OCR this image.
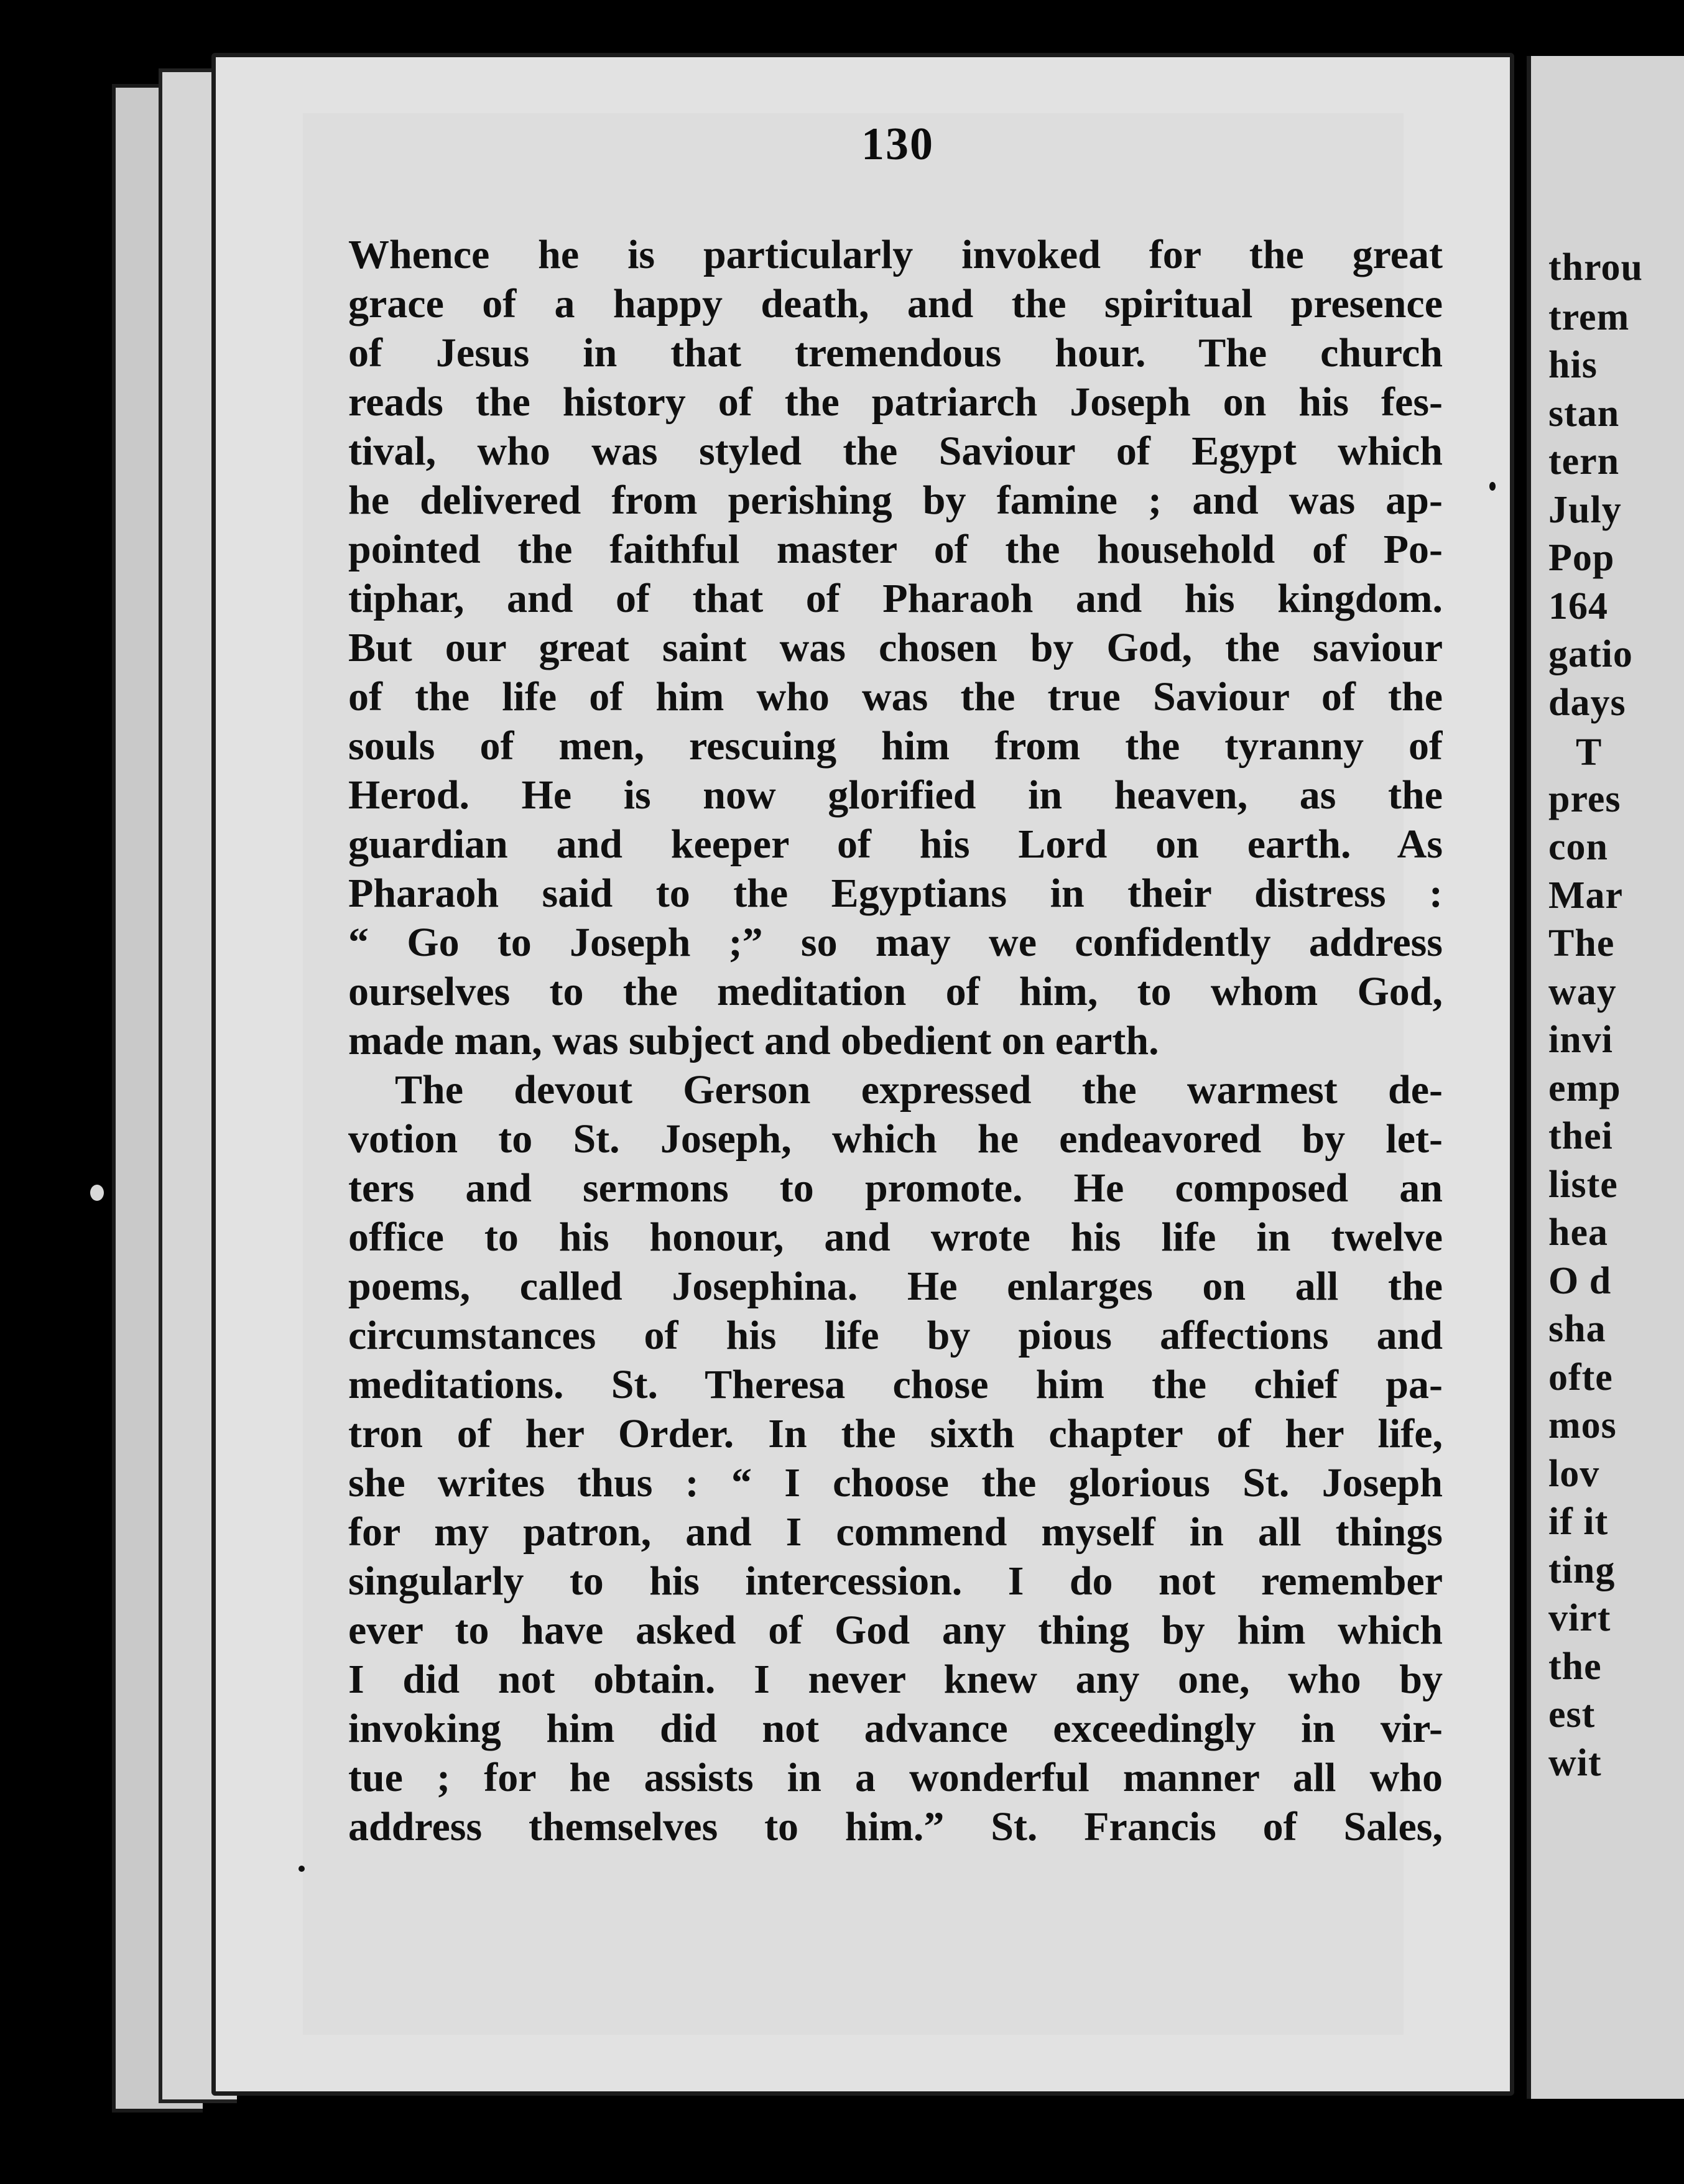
130
Whence he is particularly invoked for the great
grace of a happy death, and the spiritual presence
of Jesus in that tremendous hour. The church
reads the history of the patriarch Joseph on his fes-
tival, who was styled the Saviour of Egypt which
he delivered from perishing by famine ; and was ap-
pointed the faithful master of the household of Po-
tiphar, and of that of Pharaoh and his kingdom.
But our great saint was chosen by God, the saviour
of the life of him who was the true Saviour of the
souls of men, rescuing him from the tyranny of
Herod. He is now glorified in heaven, as the
guardian and keeper of his Lord on earth. As
Pharaoh said to the Egyptians in their distress :
“ Go to Joseph ;” so may we confidently address
ourselves to the meditation of him, to whom God,
made man, was subject and obedient on earth.
The devout Gerson expressed the warmest de-
votion to St. Joseph, which he endeavored by let-
ters and sermons to promote. He composed an
office to his honour, and wrote his life in twelve
poems, called Josephina. He enlarges on all the
circumstances of his life by pious affections and
meditations. St. Theresa chose him the chief pa-
tron of her Order. In the sixth chapter of her life,
she writes thus : “ I choose the glorious St. Joseph
for my patron, and I commend myself in all things
singularly to his intercession. I do not remember
ever to have asked of God any thing by him which
I did not obtain. I never knew any one, who by
invoking him did not advance exceedingly in vir-
tue ; for he assists in a wonderful manner all who
address themselves to him.” St. Francis of Sales,
throu
trem
his
stan
tern
July
Pop
164
gatio
days
T
pres
con
Mar
The
way
invi
emp
thei
liste
hea
O d
sha
ofte
mos
lov
if it
ting
virt
the
est
wit
